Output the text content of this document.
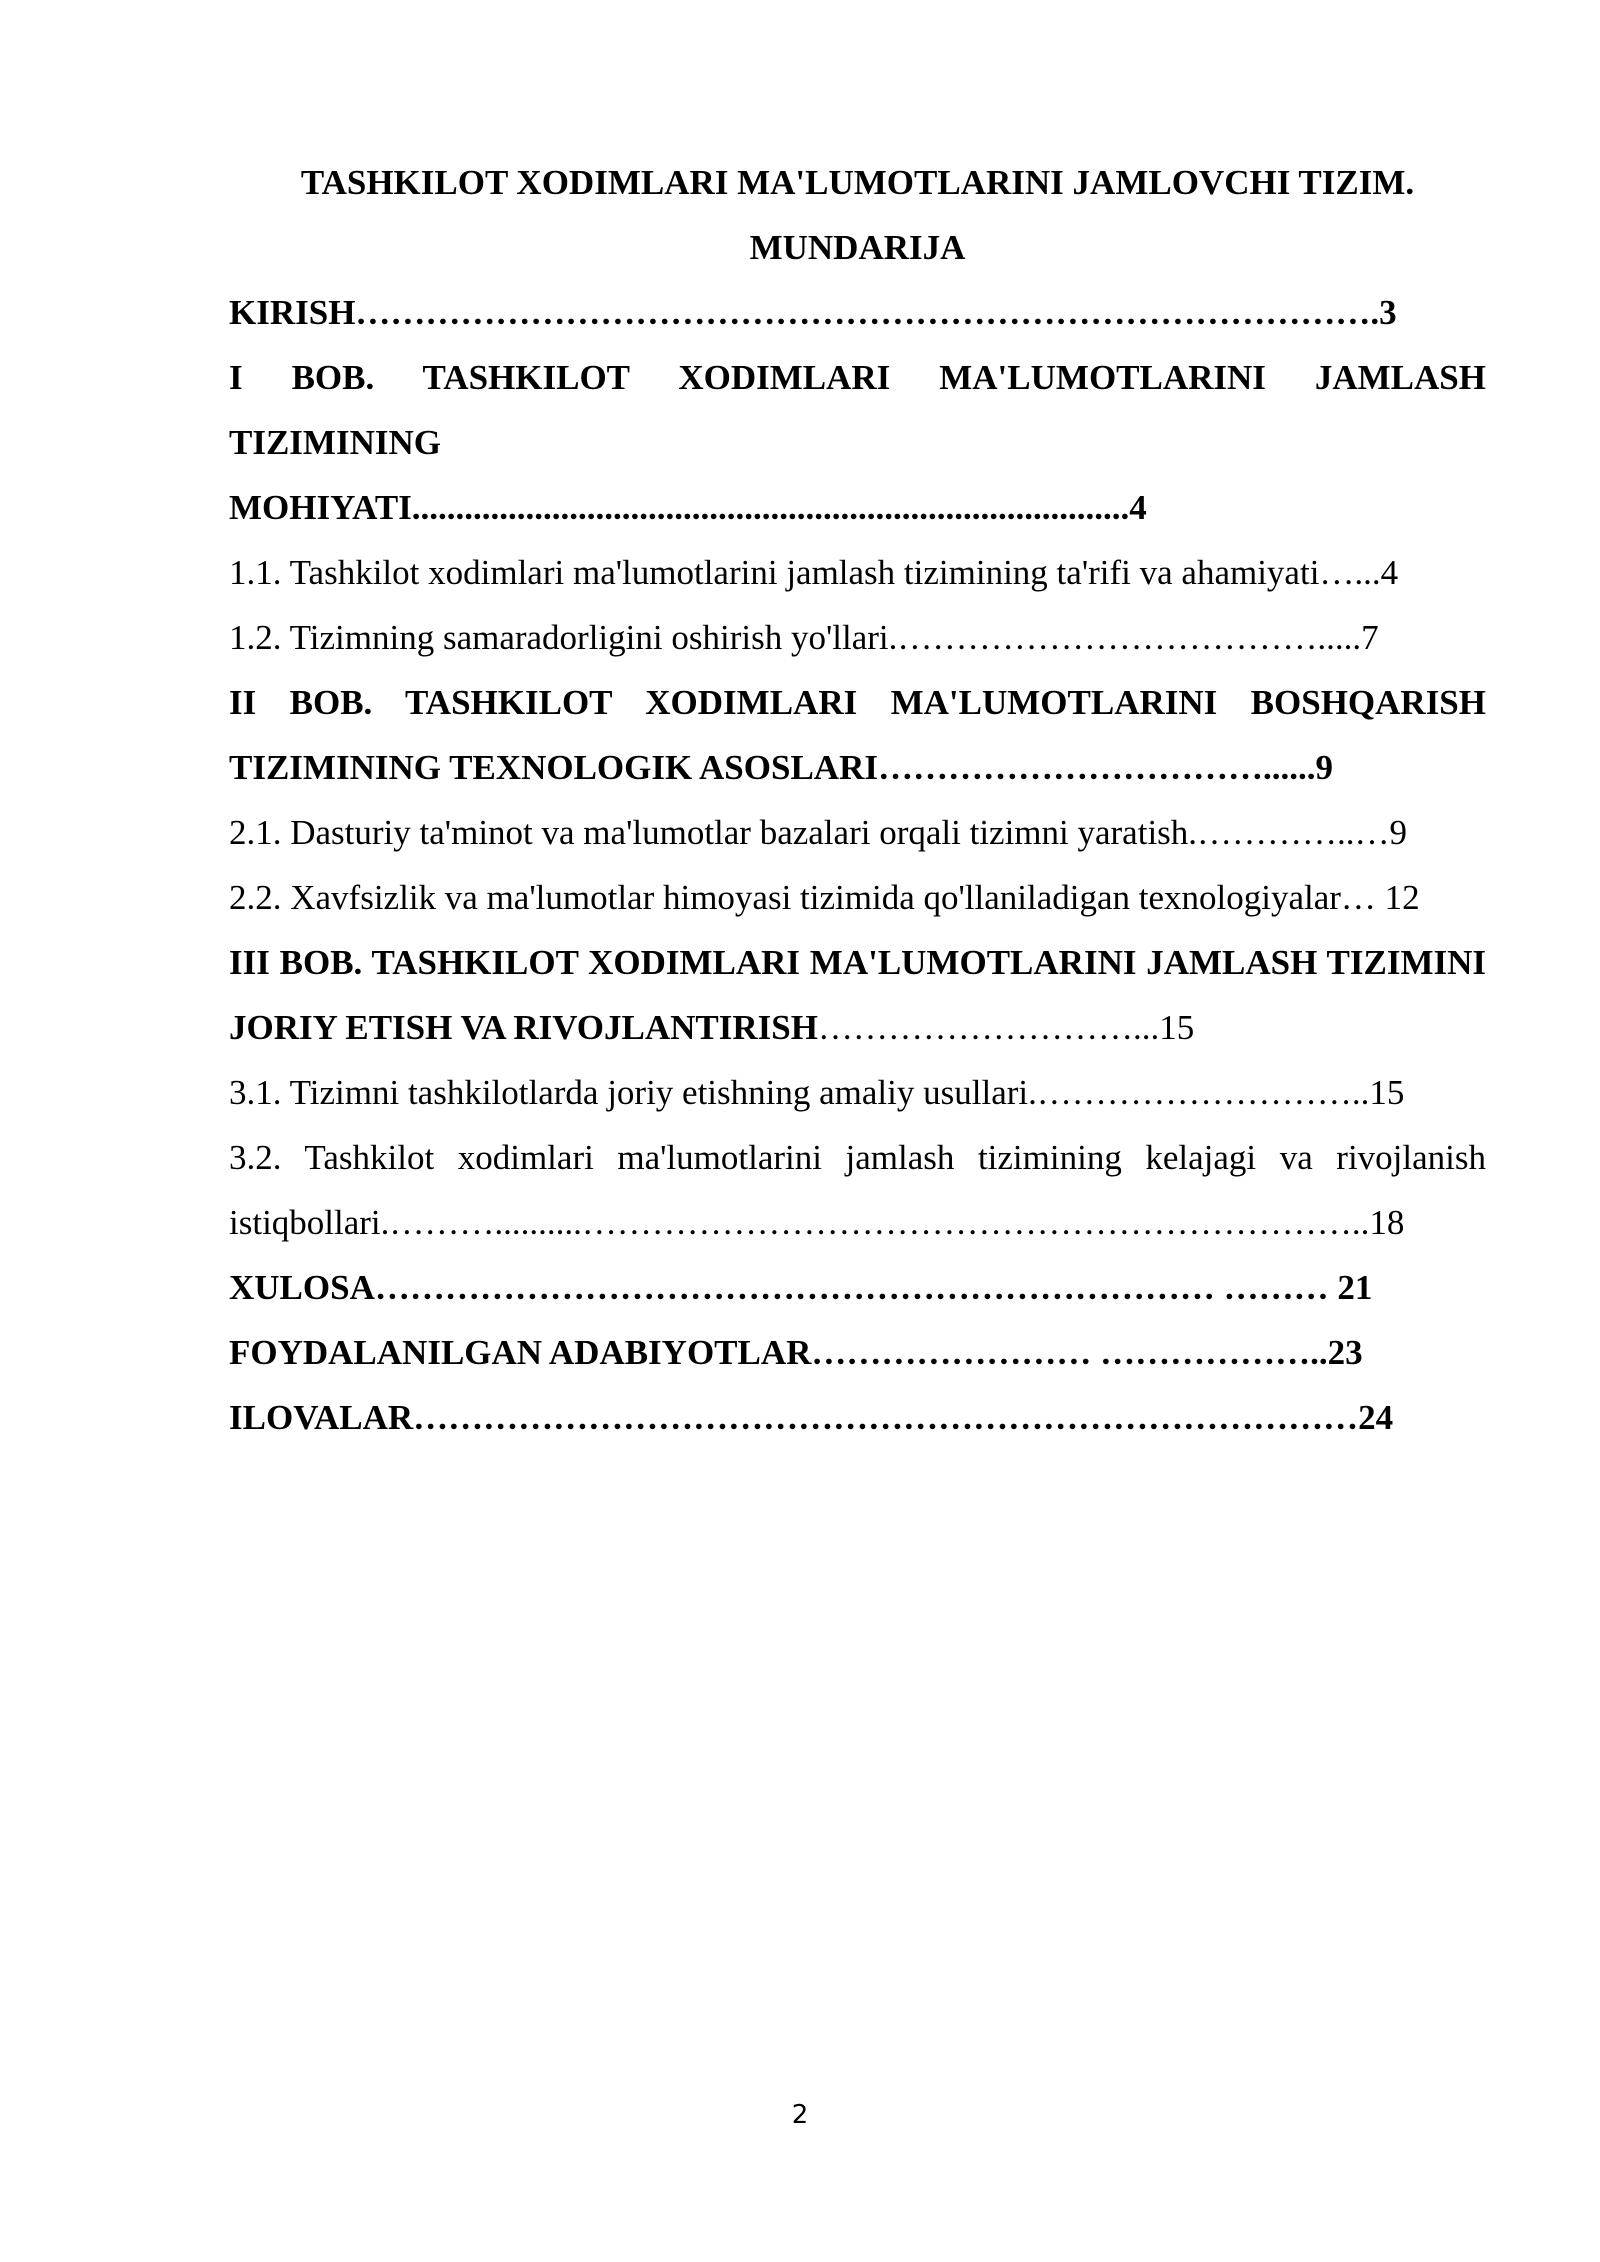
TASHKILOT XODIMLARI MA'LUMOTLARINI JAMLOVCHI TIZIM.

MUNDARIJA

KIRISH…………………………………………………………………………….3

I BOB. TASHKILOT XODIMLARI MA'LUMOTLARINI JAMLASH TIZIMINING

MOHIYATI..................................................................................4

1.1. Tashkilot xodimlari ma'lumotlarini jamlash tizimining ta'rifi va ahamiyati…...4

1.2. Tizimning samaradorligini oshirish yo'llari.……………………………….....7

II BOB. TASHKILOT XODIMLARI MA'LUMOTLARINI BOSHQARISH TIZIMINING TEXNOLOGIK ASOSLARI……………………………......9

2.1. Dasturiy ta'minot va ma'lumotlar bazalari orqali tizimni yaratish.…………..…9

2.2. Xavfsizlik va ma'lumotlar himoyasi tizimida qo'llaniladigan texnologiyalar… 12

III BOB. TASHKILOT XODIMLARI MA'LUMOTLARINI JAMLASH TIZIMINI JORIY ETISH VA RIVOJLANTIRISH………………………...15

3.1. Tizimni tashkilotlarda joriy etishning amaliy usullari.………………………..15

3.2. Tashkilot xodimlari ma'lumotlarini jamlash tizimining kelajagi va rivojlanish istiqbollari.………..........…………………………………………………………..18

XULOSA……………………………………………………………… ……… 21

FOYDALANILGAN ADABIYOTLAR…………………… ………………..23

ILOVALAR………………………………………………………………………24

2
